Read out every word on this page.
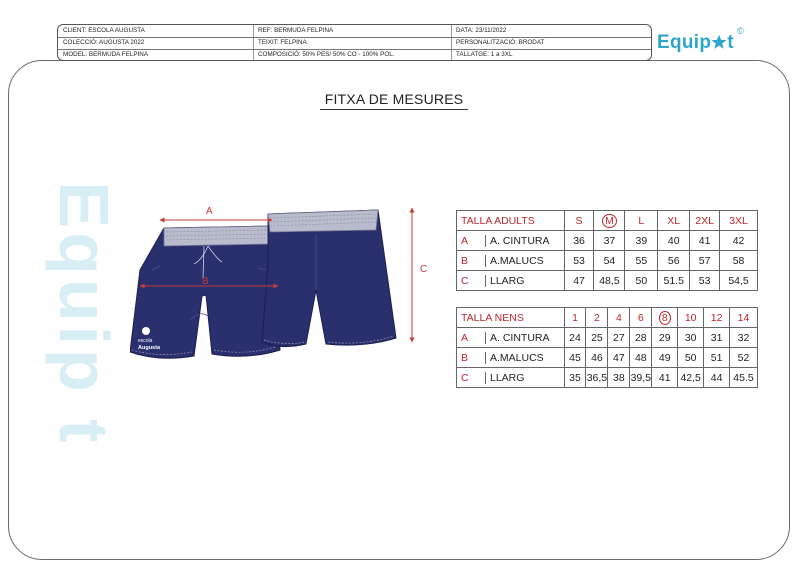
CLIENT: ESCOLA AUGUSTA	REF: BERMUDA FELPINA	DATA: 23/11/2022
COLECCIÓ: AUGUSTA 2022	TEIXIT: FELPINA	PERSONALITZACIÓ: BRODAT
MODEL: BERMUDA FELPINA	COMPOSICIÓ: 50% PES/ 50% CO - 100% POL.	TALLATGE: 1 a 3XL
Equip t
©
FITXA DE MESURES
Equip t	escola
Augusta
A
B
C
TALLA ADULTS	S	M	L	XL	2XL	3XL
A A. CINTURA	36	37	39	40	41	42
B A.MALUCS	53	54	55	56	57	58
C LLARG	47	48,5	50	51.5	53	54,5
TALLA NENS	1	2	4	6	8	10	12	14
A A. CINTURA	24	25	27	28	29	30	31	32
B A.MALUCS	45	46	47	48	49	50	51	52
C LLARG	35	36,5	38	39,5	41	42,5	44	45.5
